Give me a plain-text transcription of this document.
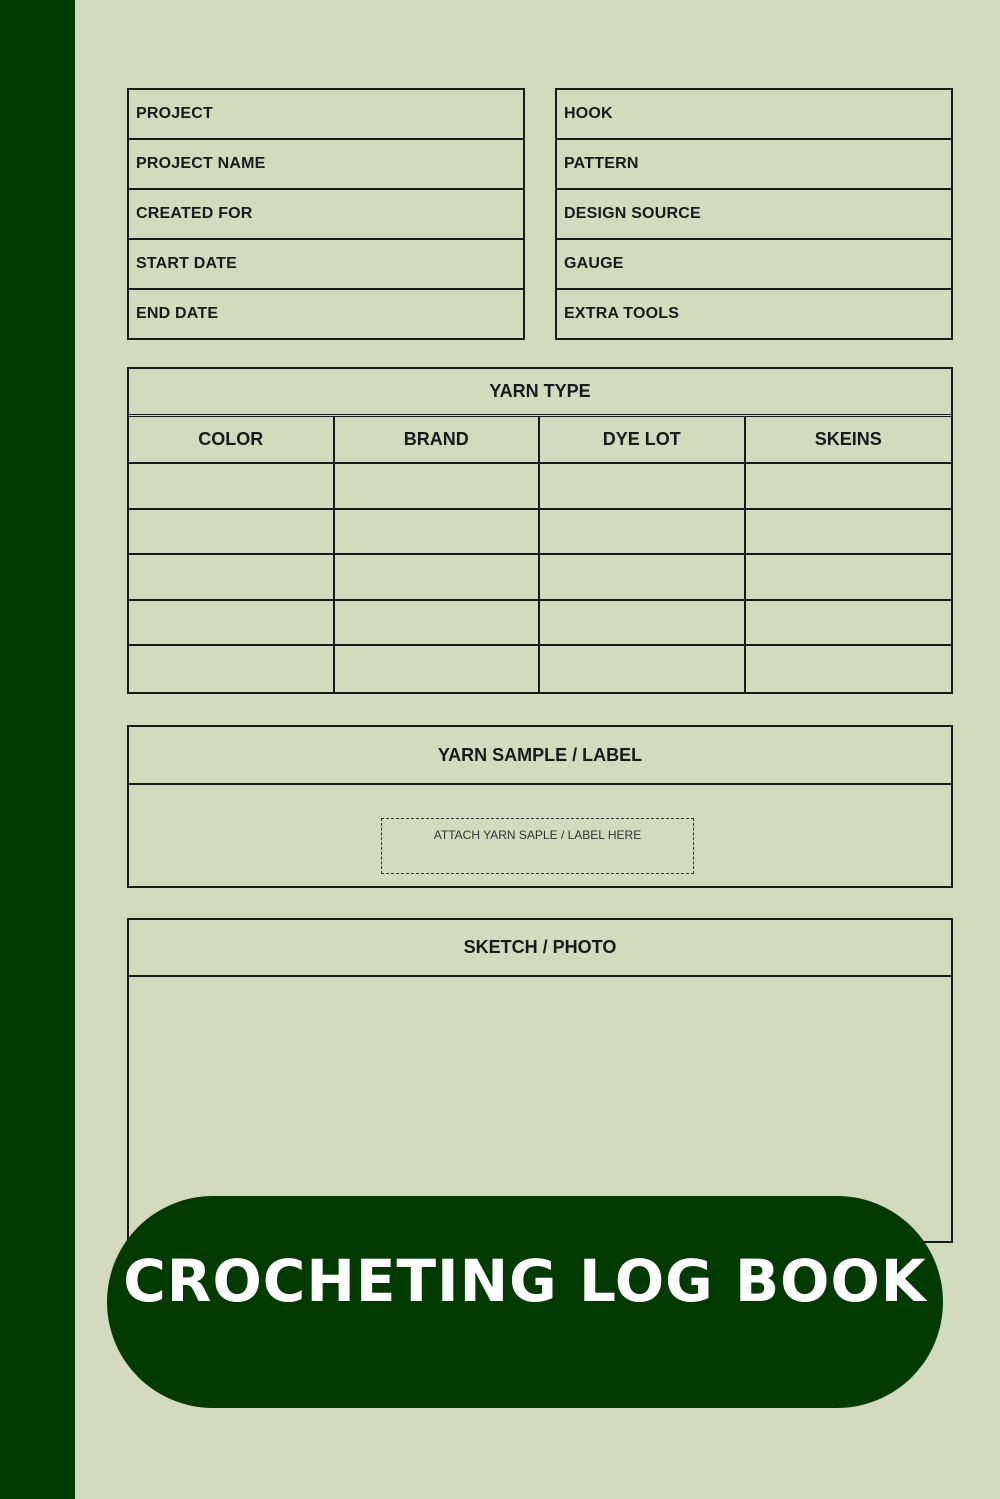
PROJECT
PROJECT NAME
CREATED FOR
START DATE
END DATE
HOOK
PATTERN
DESIGN SOURCE
GAUGE
EXTRA TOOLS
YARN TYPE
COLOR	BRAND	DYE LOT	SKEINS
YARN SAMPLE / LABEL
ATTACH YARN SAPLE / LABEL HERE
SKETCH / PHOTO
CROCHETING LOG BOOK
